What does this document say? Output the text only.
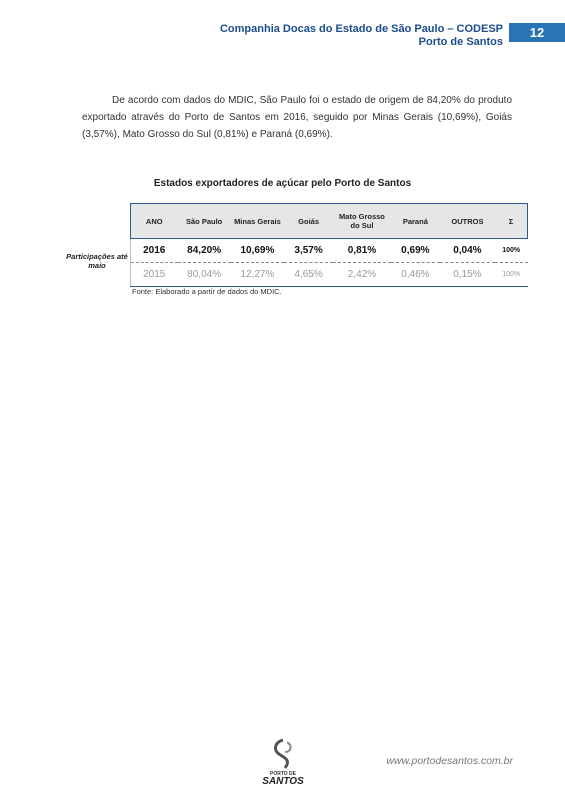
Companhia Docas do Estado de São Paulo – CODESP
Porto de Santos
12
De acordo com dados do MDIC, São Paulo foi o estado de origem de 84,20% do produto exportado através do Porto de Santos em 2016, seguido por Minas Gerais (10,69%), Goiás (3,57%), Mato Grosso do Sul (0,81%) e Paraná (0,69%).
Estados exportadores de açúcar pelo Porto de Santos
Participações até maio
ANO	São Paulo	Minas Gerais	Goiás	Mato Grosso do Sul	Paraná	OUTROS	Σ
2016	84,20%	10,69%	3,57%	0,81%	0,69%	0,04%	100%
2015	80,04%	12,27%	4,65%	2,42%	0,46%	0,15%	100%
Fonte: Elaborado a partir de dados do MDIC.
PORTO DE
SANTOS
www.portodesantos.com.br
